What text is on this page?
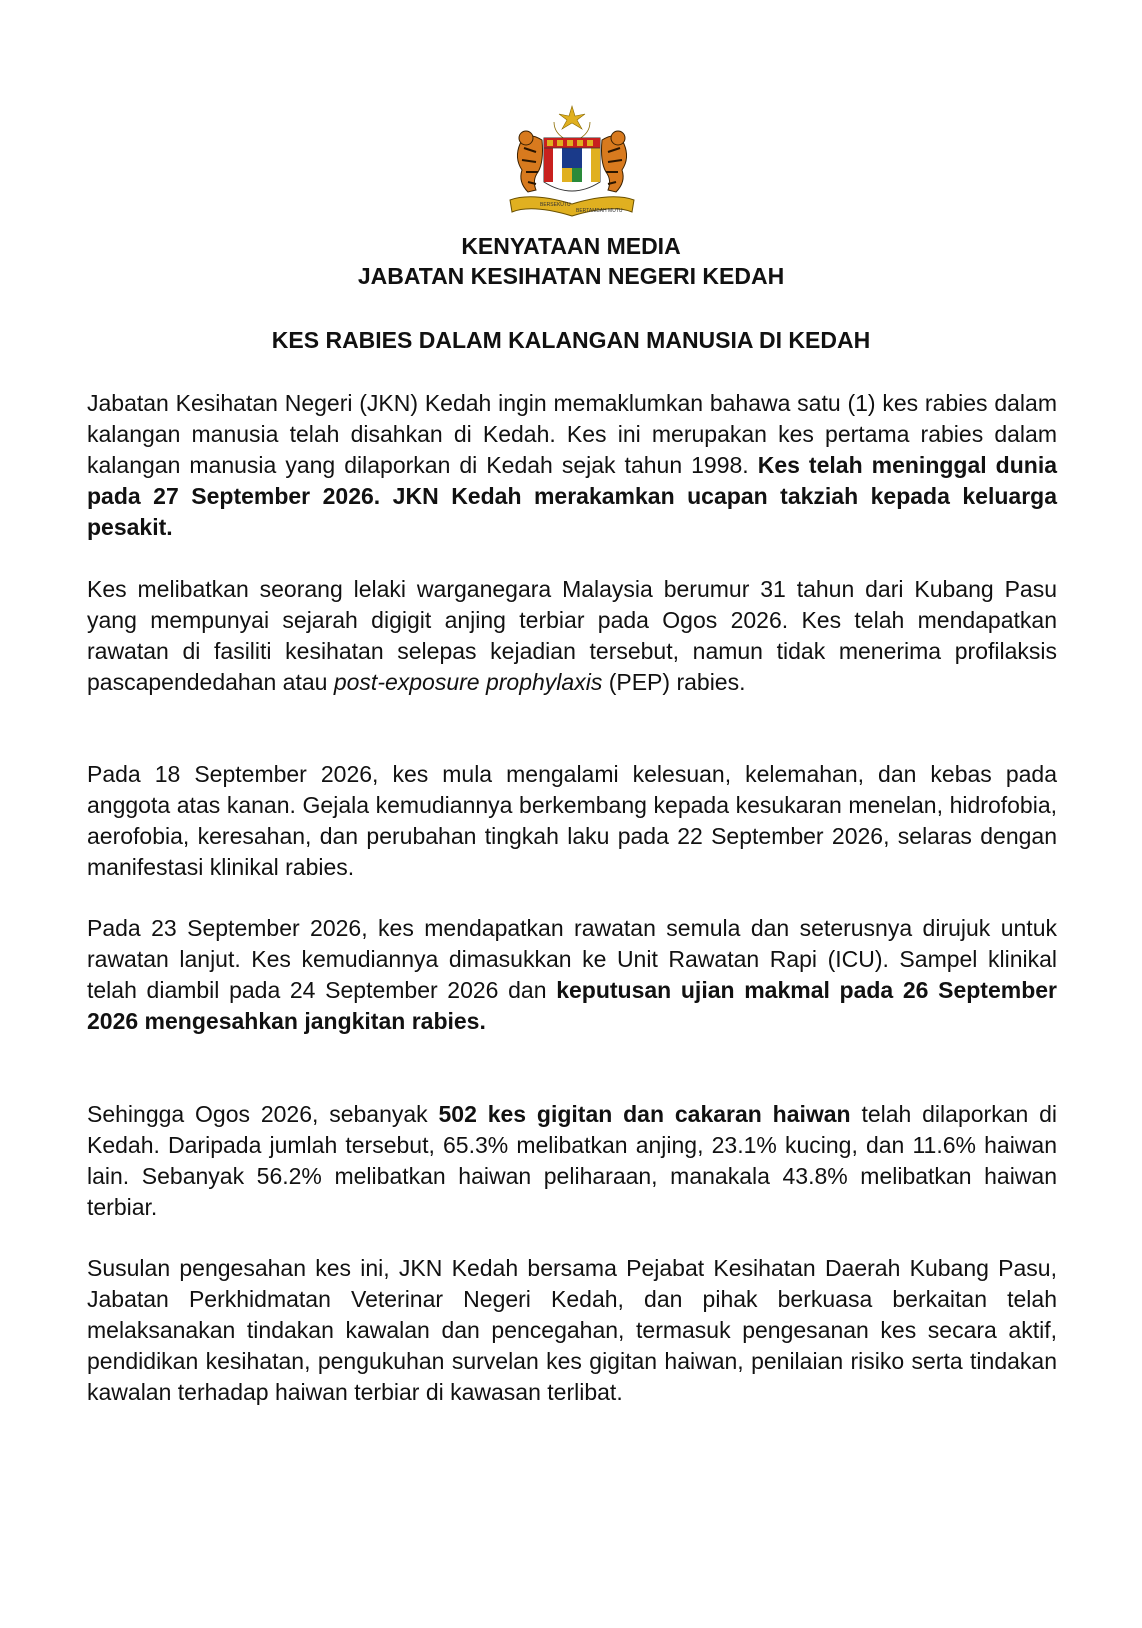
BERSEKUTU
BERTAMBAH MUTU

KENYATAAN MEDIA

JABATAN KESIHATAN NEGERI KEDAH

KES RABIES DALAM KALANGAN MANUSIA DI KEDAH

Jabatan Kesihatan Negeri (JKN) Kedah ingin memaklumkan bahawa satu (1) kes rabies dalam kalangan manusia telah disahkan di Kedah. Kes ini merupakan kes pertama rabies dalam kalangan manusia yang dilaporkan di Kedah sejak tahun 1998. Kes telah meninggal dunia pada 27 September 2026. JKN Kedah merakamkan ucapan takziah kepada keluarga pesakit.

Kes melibatkan seorang lelaki warganegara Malaysia berumur 31 tahun dari Kubang Pasu yang mempunyai sejarah digigit anjing terbiar pada Ogos 2026. Kes telah mendapatkan rawatan di fasiliti kesihatan selepas kejadian tersebut, namun tidak menerima profilaksis pascapendedahan atau post-exposure prophylaxis (PEP) rabies.

Pada 18 September 2026, kes mula mengalami kelesuan, kelemahan, dan kebas pada anggota atas kanan. Gejala kemudiannya berkembang kepada kesukaran menelan, hidrofobia, aerofobia, keresahan, dan perubahan tingkah laku pada 22 September 2026, selaras dengan manifestasi klinikal rabies.

Pada 23 September 2026, kes mendapatkan rawatan semula dan seterusnya dirujuk untuk rawatan lanjut. Kes kemudiannya dimasukkan ke Unit Rawatan Rapi (ICU). Sampel klinikal telah diambil pada 24 September 2026 dan keputusan ujian makmal pada 26 September 2026 mengesahkan jangkitan rabies.

Sehingga Ogos 2026, sebanyak 502 kes gigitan dan cakaran haiwan telah dilaporkan di Kedah. Daripada jumlah tersebut, 65.3% melibatkan anjing, 23.1% kucing, dan 11.6% haiwan lain. Sebanyak 56.2% melibatkan haiwan peliharaan, manakala 43.8% melibatkan haiwan terbiar.

Susulan pengesahan kes ini, JKN Kedah bersama Pejabat Kesihatan Daerah Kubang Pasu, Jabatan Perkhidmatan Veterinar Negeri Kedah, dan pihak berkuasa berkaitan telah melaksanakan tindakan kawalan dan pencegahan, termasuk pengesanan kes secara aktif, pendidikan kesihatan, pengukuhan survelan kes gigitan haiwan, penilaian risiko serta tindakan kawalan terhadap haiwan terbiar di kawasan terlibat.
